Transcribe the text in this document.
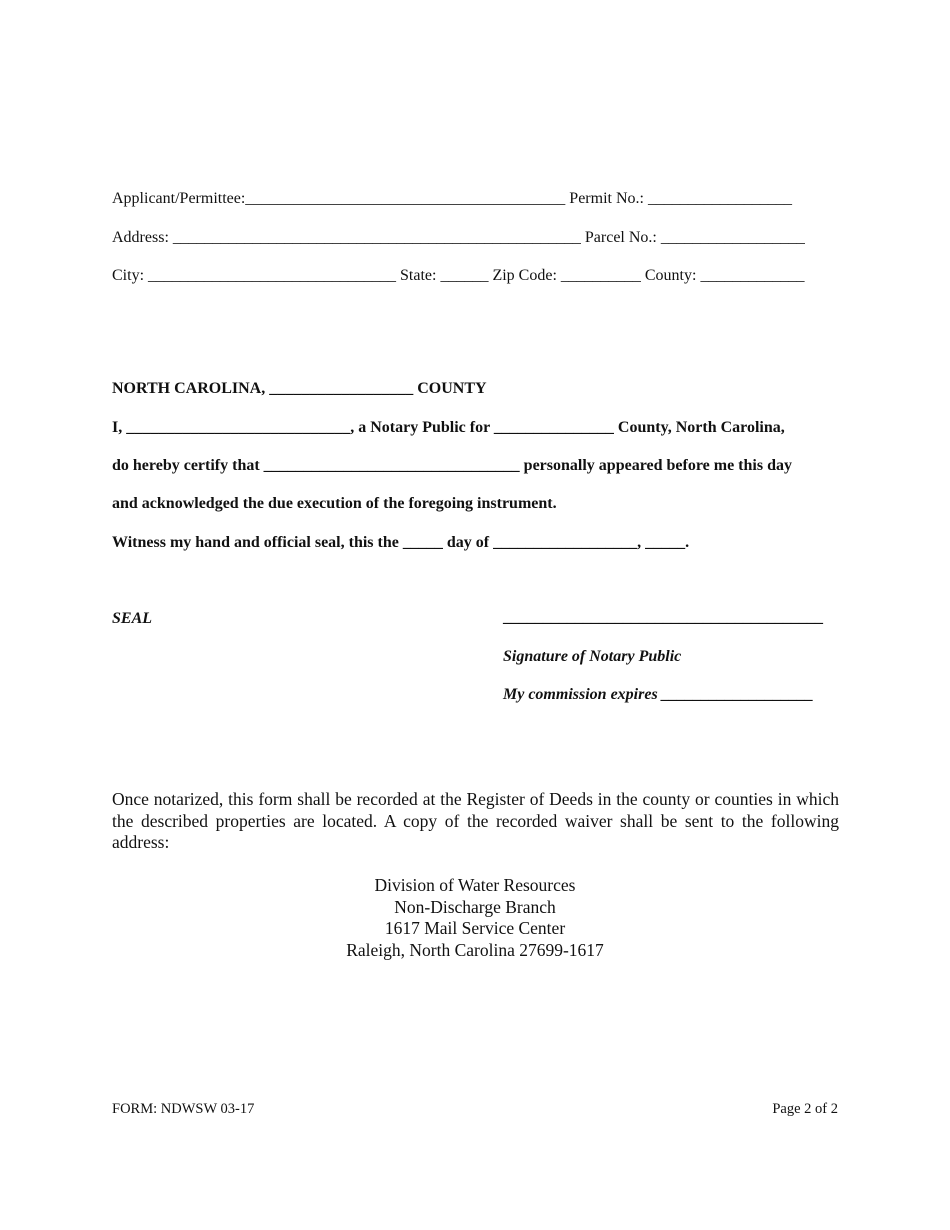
Applicant/Permittee:________________________________________ Permit No.: __________________
Address: ___________________________________________________ Parcel No.: __________________
City: _______________________________ State: ______ Zip Code: __________ County: _____________
NORTH CAROLINA, __________________ COUNTY
I, ____________________________, a Notary Public for _______________ County, North Carolina,
do hereby certify that ________________________________ personally appeared before me this day
and acknowledged the due execution of the foregoing instrument.
Witness my hand and official seal, this the _____ day of __________________, _____.
SEAL	________________________________________
Signature of Notary Public
My commission expires ___________________
Once notarized, this form shall be recorded at the Register of Deeds in the county or counties in which the described properties are located. A copy of the recorded waiver shall be sent to the following address:
Division of Water Resources
Non-Discharge Branch
1617 Mail Service Center
Raleigh, North Carolina 27699-1617
FORM: NDWSW 03-17	Page 2 of 2
